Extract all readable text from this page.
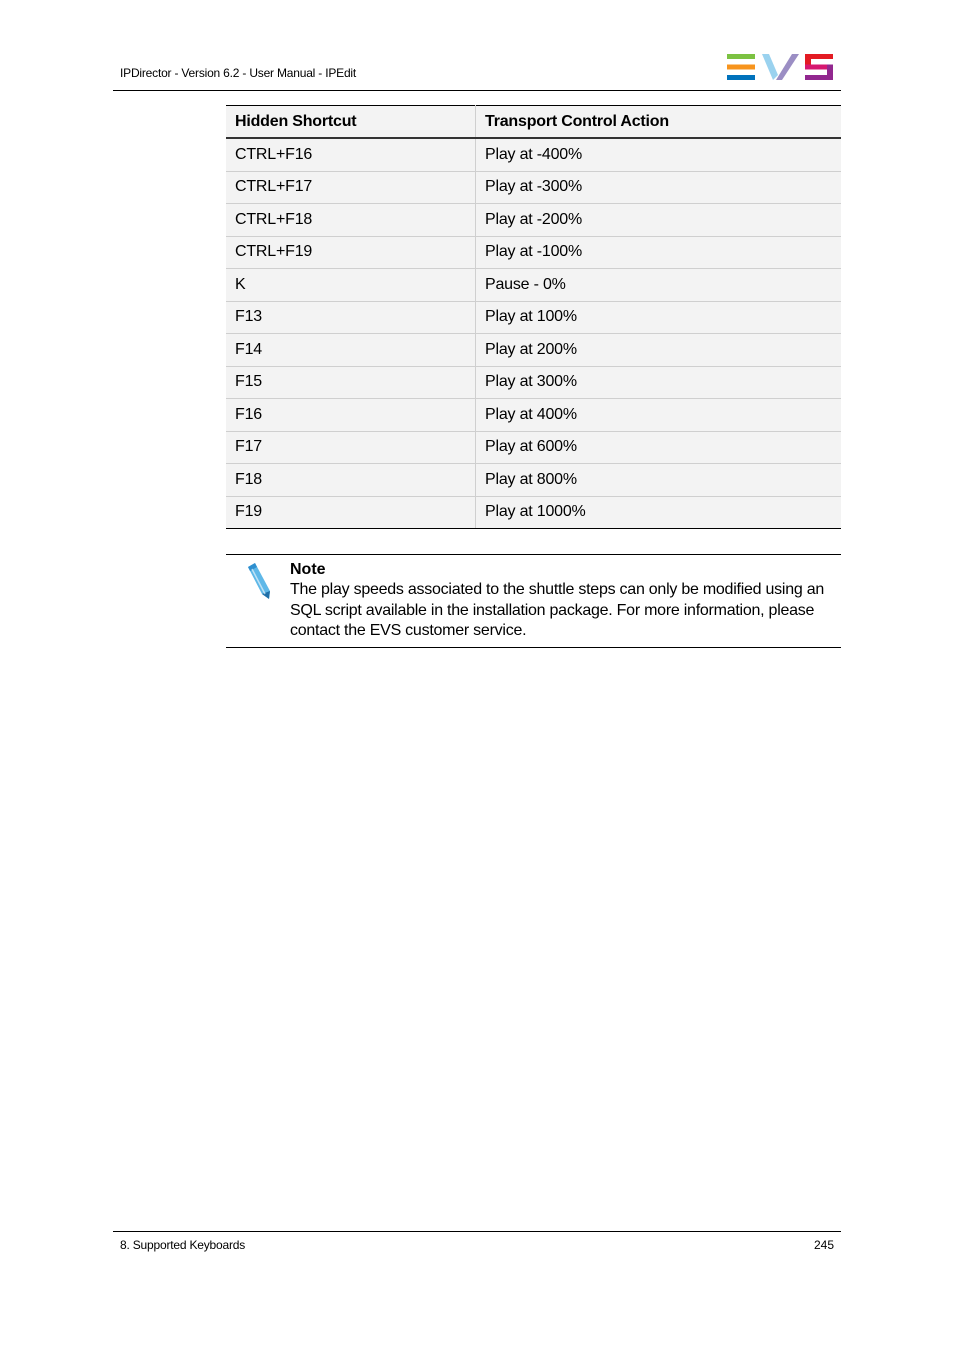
IPDirector - Version 6.2 - User Manual - IPEdit
Hidden Shortcut	Transport Control Action
CTRL+F16	Play at -400%
CTRL+F17	Play at -300%
CTRL+F18	Play at -200%
CTRL+F19	Play at -100%
K	Pause - 0%
F13	Play at 100%
F14	Play at 200%
F15	Play at 300%
F16	Play at 400%
F17	Play at 600%
F18	Play at 800%
F19	Play at 1000%
Note
The play speeds associated to the shuttle steps can only be modified using an SQL script available in the installation package. For more information, please contact the EVS customer service.
8. Supported Keyboards	245
